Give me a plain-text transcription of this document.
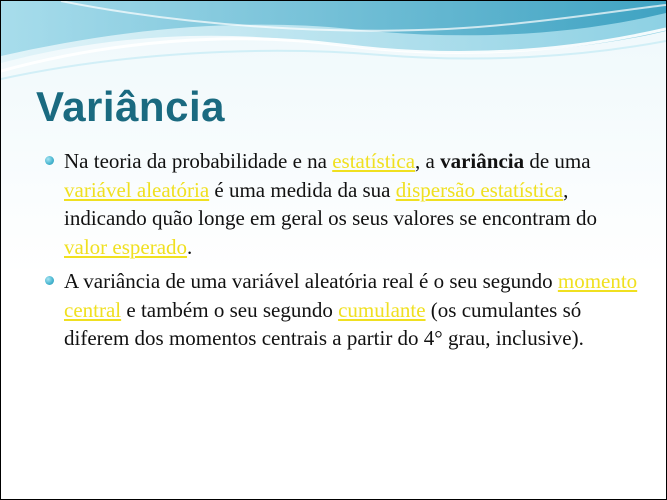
Variância
Na teoria da probabilidade e na estatística, a variância de uma variável aleatória é uma medida da sua dispersão estatística, indicando quão longe em geral os seus valores se encontram do valor esperado.
A variância de uma variável aleatória real é o seu segundo momento central e também o seu segundo cumulante (os cumulantes só diferem dos momentos centrais a partir do 4° grau, inclusive).
